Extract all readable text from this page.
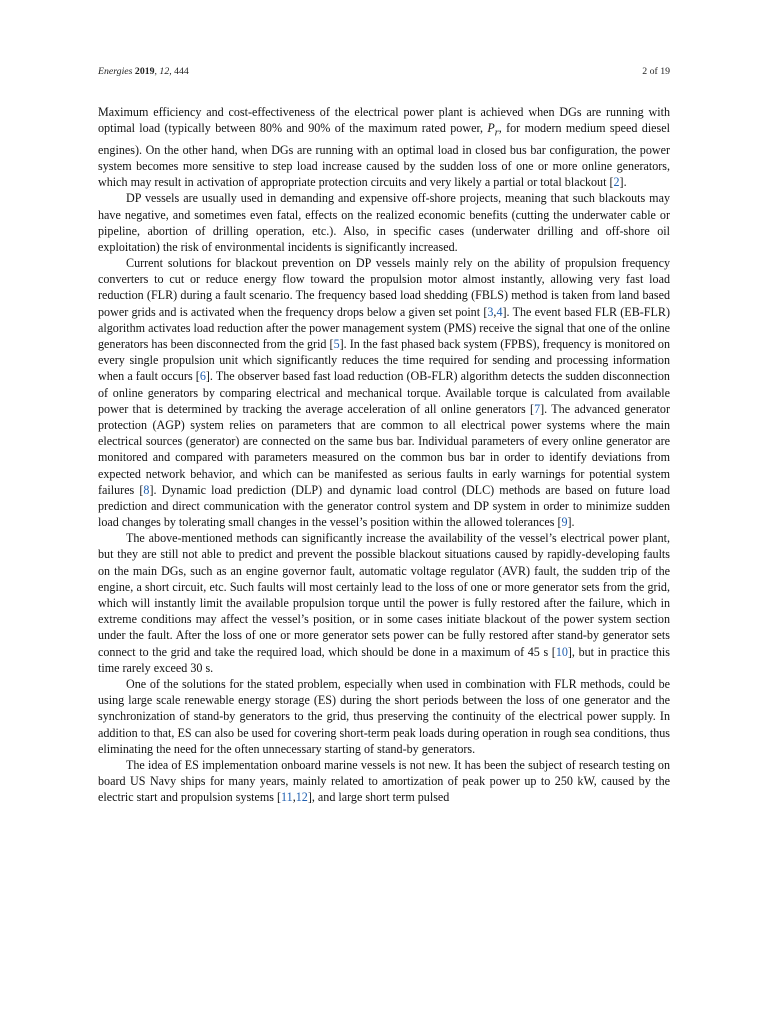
Energies 2019, 12, 444	2 of 19

Maximum efficiency and cost-effectiveness of the electrical power plant is achieved when DGs are running with optimal load (typically between 80% and 90% of the maximum rated power, $P_r$, for modern medium speed diesel engines). On the other hand, when DGs are running with an optimal load in closed bus bar configuration, the power system becomes more sensitive to step load increase caused by the sudden loss of one or more online generators, which may result in activation of appropriate protection circuits and very likely a partial or total blackout [2].

DP vessels are usually used in demanding and expensive off-shore projects, meaning that such blackouts may have negative, and sometimes even fatal, effects on the realized economic benefits (cutting the underwater cable or pipeline, abortion of drilling operation, etc.). Also, in specific cases (underwater drilling and off-shore oil exploitation) the risk of environmental incidents is significantly increased.

Current solutions for blackout prevention on DP vessels mainly rely on the ability of propulsion frequency converters to cut or reduce energy flow toward the propulsion motor almost instantly, allowing very fast load reduction (FLR) during a fault scenario. The frequency based load shedding (FBLS) method is taken from land based power grids and is activated when the frequency drops below a given set point [3,4]. The event based FLR (EB-FLR) algorithm activates load reduction after the power management system (PMS) receive the signal that one of the online generators has been disconnected from the grid [5]. In the fast phased back system (FPBS), frequency is monitored on every single propulsion unit which significantly reduces the time required for sending and processing information when a fault occurs [6]. The observer based fast load reduction (OB-FLR) algorithm detects the sudden disconnection of online generators by comparing electrical and mechanical torque. Available torque is calculated from available power that is determined by tracking the average acceleration of all online generators [7]. The advanced generator protection (AGP) system relies on parameters that are common to all electrical power systems where the main electrical sources (generator) are connected on the same bus bar. Individual parameters of every online generator are monitored and compared with parameters measured on the common bus bar in order to identify deviations from expected network behavior, and which can be manifested as serious faults in early warnings for potential system failures [8]. Dynamic load prediction (DLP) and dynamic load control (DLC) methods are based on future load prediction and direct communication with the generator control system and DP system in order to minimize sudden load changes by tolerating small changes in the vessel’s position within the allowed tolerances [9].

The above-mentioned methods can significantly increase the availability of the vessel’s electrical power plant, but they are still not able to predict and prevent the possible blackout situations caused by rapidly-developing faults on the main DGs, such as an engine governor fault, automatic voltage regulator (AVR) fault, the sudden trip of the engine, a short circuit, etc. Such faults will most certainly lead to the loss of one or more generator sets from the grid, which will instantly limit the available propulsion torque until the power is fully restored after the failure, which in extreme conditions may affect the vessel’s position, or in some cases initiate blackout of the power system section under the fault. After the loss of one or more generator sets power can be fully restored after stand-by generator sets connect to the grid and take the required load, which should be done in a maximum of 45 s [10], but in practice this time rarely exceed 30 s.

One of the solutions for the stated problem, especially when used in combination with FLR methods, could be using large scale renewable energy storage (ES) during the short periods between the loss of one generator and the synchronization of stand-by generators to the grid, thus preserving the continuity of the electrical power supply. In addition to that, ES can also be used for covering short-term peak loads during operation in rough sea conditions, thus eliminating the need for the often unnecessary starting of stand-by generators.

The idea of ES implementation onboard marine vessels is not new. It has been the subject of research testing on board US Navy ships for many years, mainly related to amortization of peak power up to 250 kW, caused by the electric start and propulsion systems [11,12], and large short term pulsed
